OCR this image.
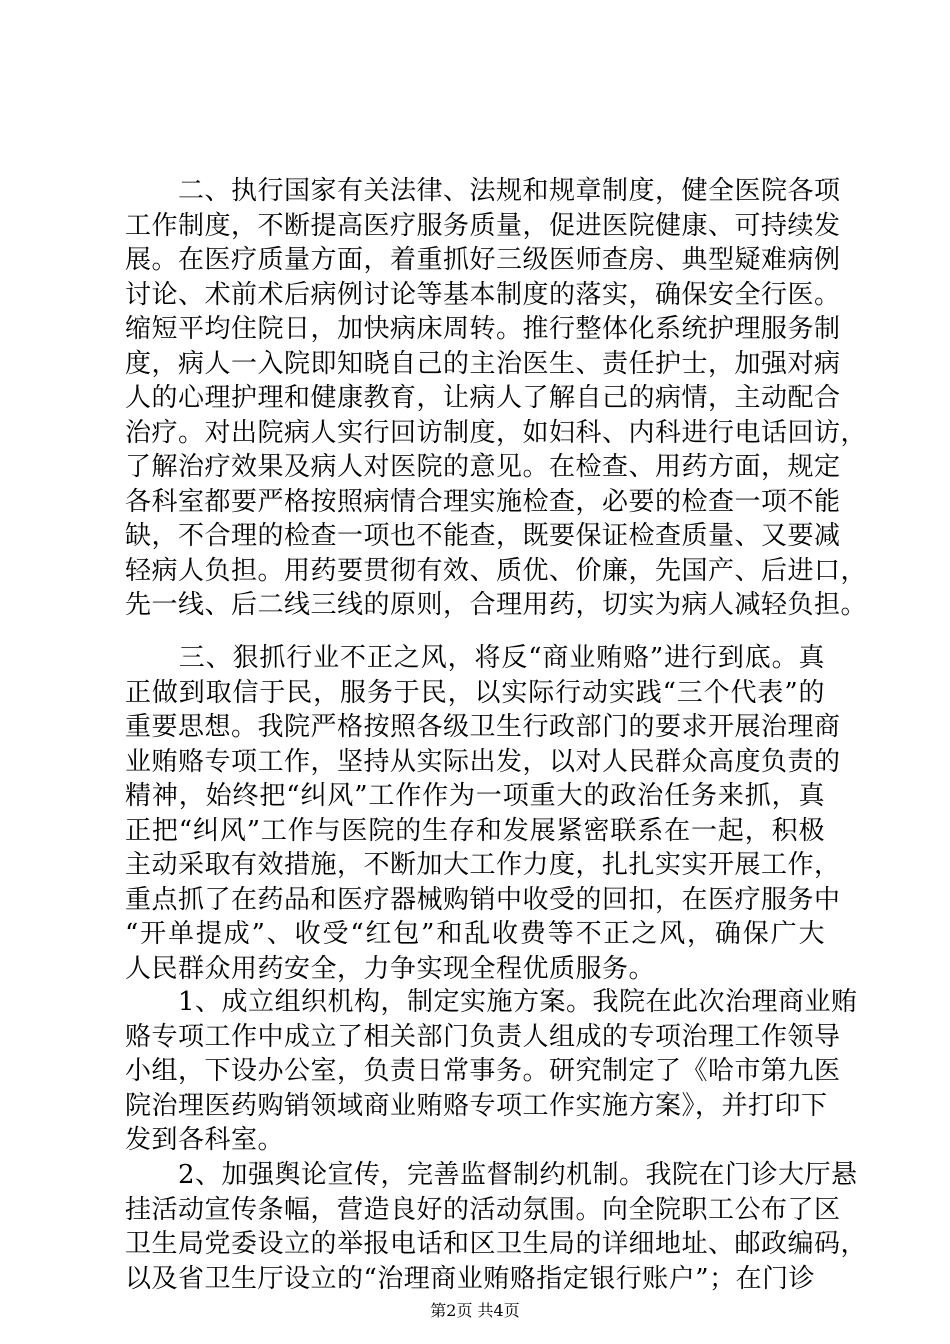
　　二、执行国家有关法律、法规和规章制度，健全医院各项
工作制度，不断提高医疗服务质量，促进医院健康、可持续发
展。在医疗质量方面，着重抓好三级医师查房、典型疑难病例
讨论、术前术后病例讨论等基本制度的落实，确保安全行医。
缩短平均住院日，加快病床周转。推行整体化系统护理服务制
度，病人一入院即知晓自己的主治医生、责任护士，加强对病
人的心理护理和健康教育，让病人了解自己的病情，主动配合
治疗。对出院病人实行回访制度，如妇科、内科进行电话回访，
了解治疗效果及病人对医院的意见。在检查、用药方面，规定
各科室都要严格按照病情合理实施检查，必要的检查一项不能
缺，不合理的检查一项也不能查，既要保证检查质量、又要减
轻病人负担。用药要贯彻有效、质优、价廉，先国产、后进口，
先一线、后二线三线的原则，合理用药，切实为病人减轻负担。
　　三、狠抓行业不正之风，将反“商业贿赂”进行到底。真
正做到取信于民，服务于民，以实际行动实践“三个代表”的
重要思想。我院严格按照各级卫生行政部门的要求开展治理商
业贿赂专项工作，坚持从实际出发，以对人民群众高度负责的
精神，始终把“纠风”工作作为一项重大的政治任务来抓，真
正把“纠风”工作与医院的生存和发展紧密联系在一起，积极
主动采取有效措施，不断加大工作力度，扎扎实实开展工作，
重点抓了在药品和医疗器械购销中收受的回扣，在医疗服务中
“开单提成”、收受“红包”和乱收费等不正之风，确保广大
人民群众用药安全，力争实现全程优质服务。
　　1、成立组织机构，制定实施方案。我院在此次治理商业贿
赂专项工作中成立了相关部门负责人组成的专项治理工作领导
小组，下设办公室，负责日常事务。研究制定了《哈市第九医
院治理医药购销领域商业贿赂专项工作实施方案》，并打印下
发到各科室。
　　2、加强舆论宣传，完善监督制约机制。我院在门诊大厅悬
挂活动宣传条幅，营造良好的活动氛围。向全院职工公布了区
卫生局党委设立的举报电话和区卫生局的详细地址、邮政编码，
以及省卫生厅设立的“治理商业贿赂指定银行账户”；在门诊
第2页 共4页
